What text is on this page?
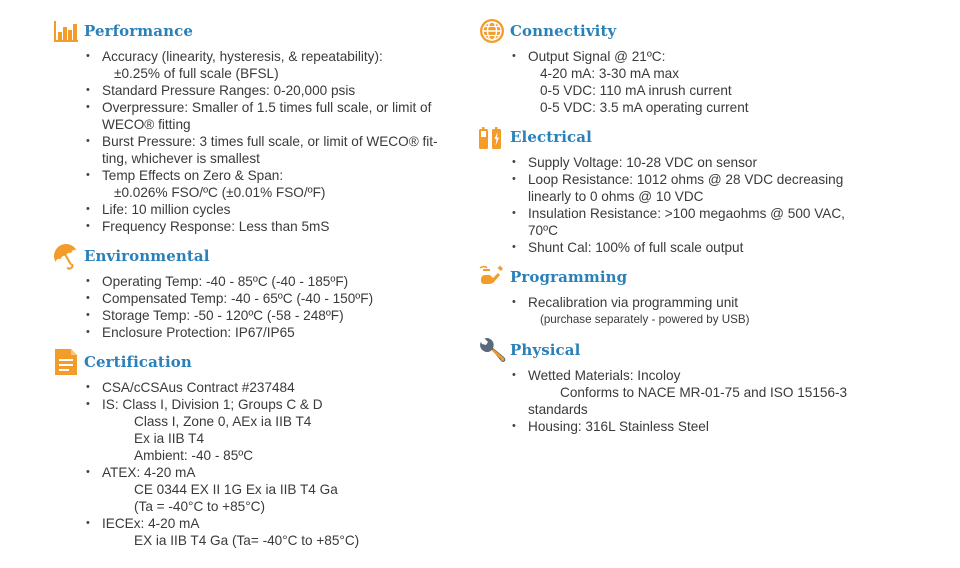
Performance
• Accuracy (linearity, hysteresis, & repeatability):
±0.25% of full scale (BFSL)
• Standard Pressure Ranges: 0-20,000 psis
• Overpressure: Smaller of 1.5 times full scale, or limit of
WECO® fitting
• Burst Pressure: 3 times full scale, or limit of WECO® fit-
ting, whichever is smallest
• Temp Effects on Zero & Span:
±0.026% FSO/ºC (±0.01% FSO/ºF)
• Life: 10 million cycles
• Frequency Response: Less than 5mS
Environmental
• Operating Temp: -40 - 85ºC (-40 - 185ºF)
• Compensated Temp: -40 - 65ºC (-40 - 150ºF)
• Storage Temp: -50 - 120ºC (-58 - 248ºF)
• Enclosure Protection: IP67/IP65
Certification
• CSA/cCSAus Contract #237484
• IS: Class I, Division 1; Groups C & D
Class I, Zone 0, AEx ia IIB T4
Ex ia IIB T4
Ambient: -40 - 85ºC
• ATEX: 4-20 mA
CE 0344 EX II 1G Ex ia IIB T4 Ga
(Ta = -40°C to +85°C)
• IECEx: 4-20 mA
EX ia IIB T4 Ga (Ta= -40°C to +85°C)
Connectivity
• Output Signal @ 21ºC:
4-20 mA: 3-30 mA max
0-5 VDC: 110 mA inrush current
0-5 VDC: 3.5 mA operating current
Electrical
• Supply Voltage: 10-28 VDC on sensor
• Loop Resistance: 1012 ohms @ 28 VDC decreasing
linearly to 0 ohms @ 10 VDC
• Insulation Resistance: >100 megaohms @ 500 VAC,
70ºC
• Shunt Cal: 100% of full scale output
Programming
• Recalibration via programming unit
(purchase separately - powered by USB)
Physical
• Wetted Materials: Incoloy
Conforms to NACE MR-01-75 and ISO 15156-3
standards
• Housing: 316L Stainless Steel
